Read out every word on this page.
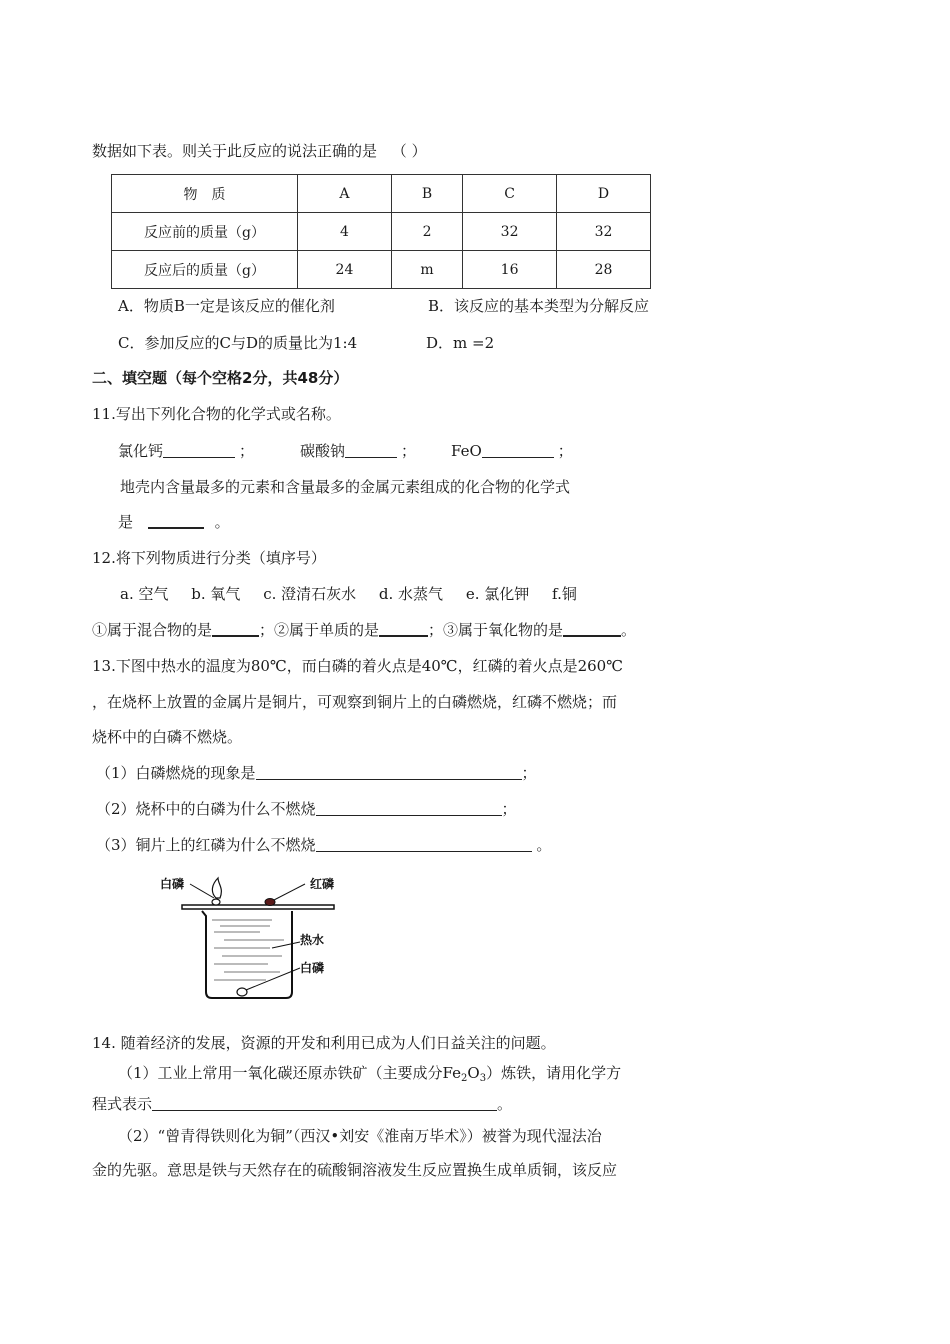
数据如下表。则关于此反应的说法正确的是 （ ）
物　质	A	B	C	D
反应前的质量（g）	4	2	32	32
反应后的质量（g）	24	m	16	28
A．物质B一定是该反应的催化剂	B．该反应的基本类型为分解反应
C．参加反应的C与D的质量比为1:4	D．m =2
二、填空题（每个空格2分，共48分）
11.写出下列化合物的化学式或名称。
氯化钙	；	碳酸钠	； FeO	；
地壳内含量最多的元素和含量最多的金属元素组成的化合物的化学式
是	。
12.将下列物质进行分类（填序号）
a. 空气 b. 氧气 c. 澄清石灰水 d. 水蒸气 e. 氯化钾 f.铜
①属于混合物的是	；②属于单质的是	；③属于氧化物的是	。
13.下图中热水的温度为80℃，而白磷的着火点是40℃，红磷的着火点是260℃
，在烧杯上放置的金属片是铜片，可观察到铜片上的白磷燃烧，红磷不燃烧；而
烧杯中的白磷不燃烧。
（1）白磷燃烧的现象是	；
（2）烧杯中的白磷为什么不燃烧	；
（3）铜片上的红磷为什么不燃烧	。
白磷	红磷
热水
白磷
14. 随着经济的发展，资源的开发和利用已成为人们日益关注的问题。
（1）工业上常用一氧化碳还原赤铁矿（主要成分$Fe_2O_3$）炼铁，请用化学方
程式表示	。
（2）“曾青得铁则化为铜”（西汉•刘安《淮南万毕术》）被誉为现代湿法冶
金的先驱。意思是铁与天然存在的硫酸铜溶液发生反应置换生成单质铜，该反应
